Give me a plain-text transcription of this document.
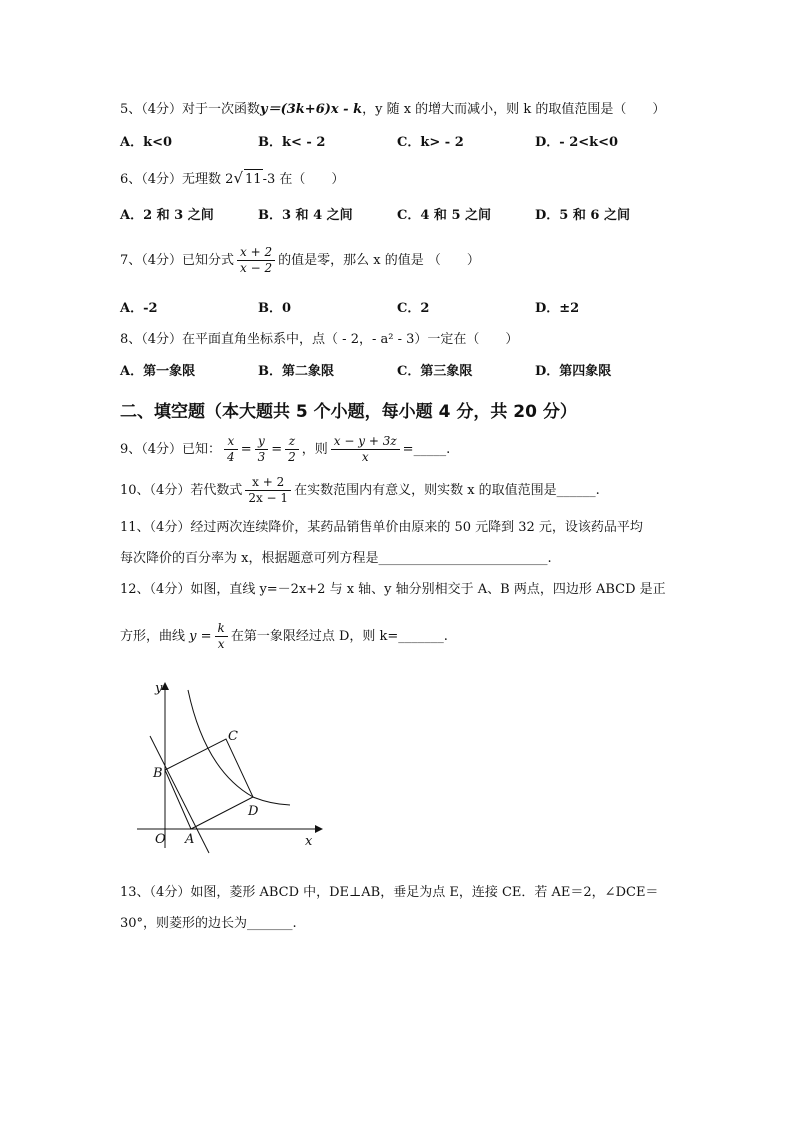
5、（4分）对于一次函数y＝(3k+6)x - k，y 随 x 的增大而减小，则 k 的取值范围是（　　）
A．k<0	B．k< - 2	C．k> - 2	D．- 2<k<0
6、（4分）无理数 2√ 11-3 在（　　）
A．2 和 3 之间	B．3 和 4 之间	C．4 和 5 之间	D．5 和 6 之间
7、（4分）已知分式 $\frac{x + 2}{x - 2}$ 的值是零，那么 x 的值是 （　　）
A．-2	B．0	C．2	D．±2
8、（4分）在平面直角坐标系中，点（ - 2，- a² - 3）一定在（　　）
A．第一象限	B．第二象限	C．第三象限	D．第四象限
二、填空题（本大题共 5 个小题，每小题 4 分，共 20 分）
9、（4分）已知： $\frac{x}{4} = \frac{y}{3} = \frac{z}{2}$ ，则 $\frac{x - y + 3z}{x}$ =_____.
10、（4分）若代数式 $\frac{x + 2}{2x - 1}$ 在实数范围内有意义，则实数 x 的取值范围是______.
11、（4分）经过两次连续降价，某药品销售单价由原来的 50 元降到 32 元，设该药品平均
每次降价的百分率为 x，根据题意可列方程是__________________________.
12、（4分）如图，直线 y=－2x+2 与 x 轴、y 轴分别相交于 A、B 两点，四边形 ABCD 是正
方形，曲线 $y = \frac{k}{x}$ 在第一象限经过点 D，则 k=_______.
y
x
O A
B
C
D
13、（4分）如图，菱形 ABCD 中，DE⊥AB，垂足为点 E，连接 CE．若 AE＝2，∠DCE＝
30°，则菱形的边长为_______.
